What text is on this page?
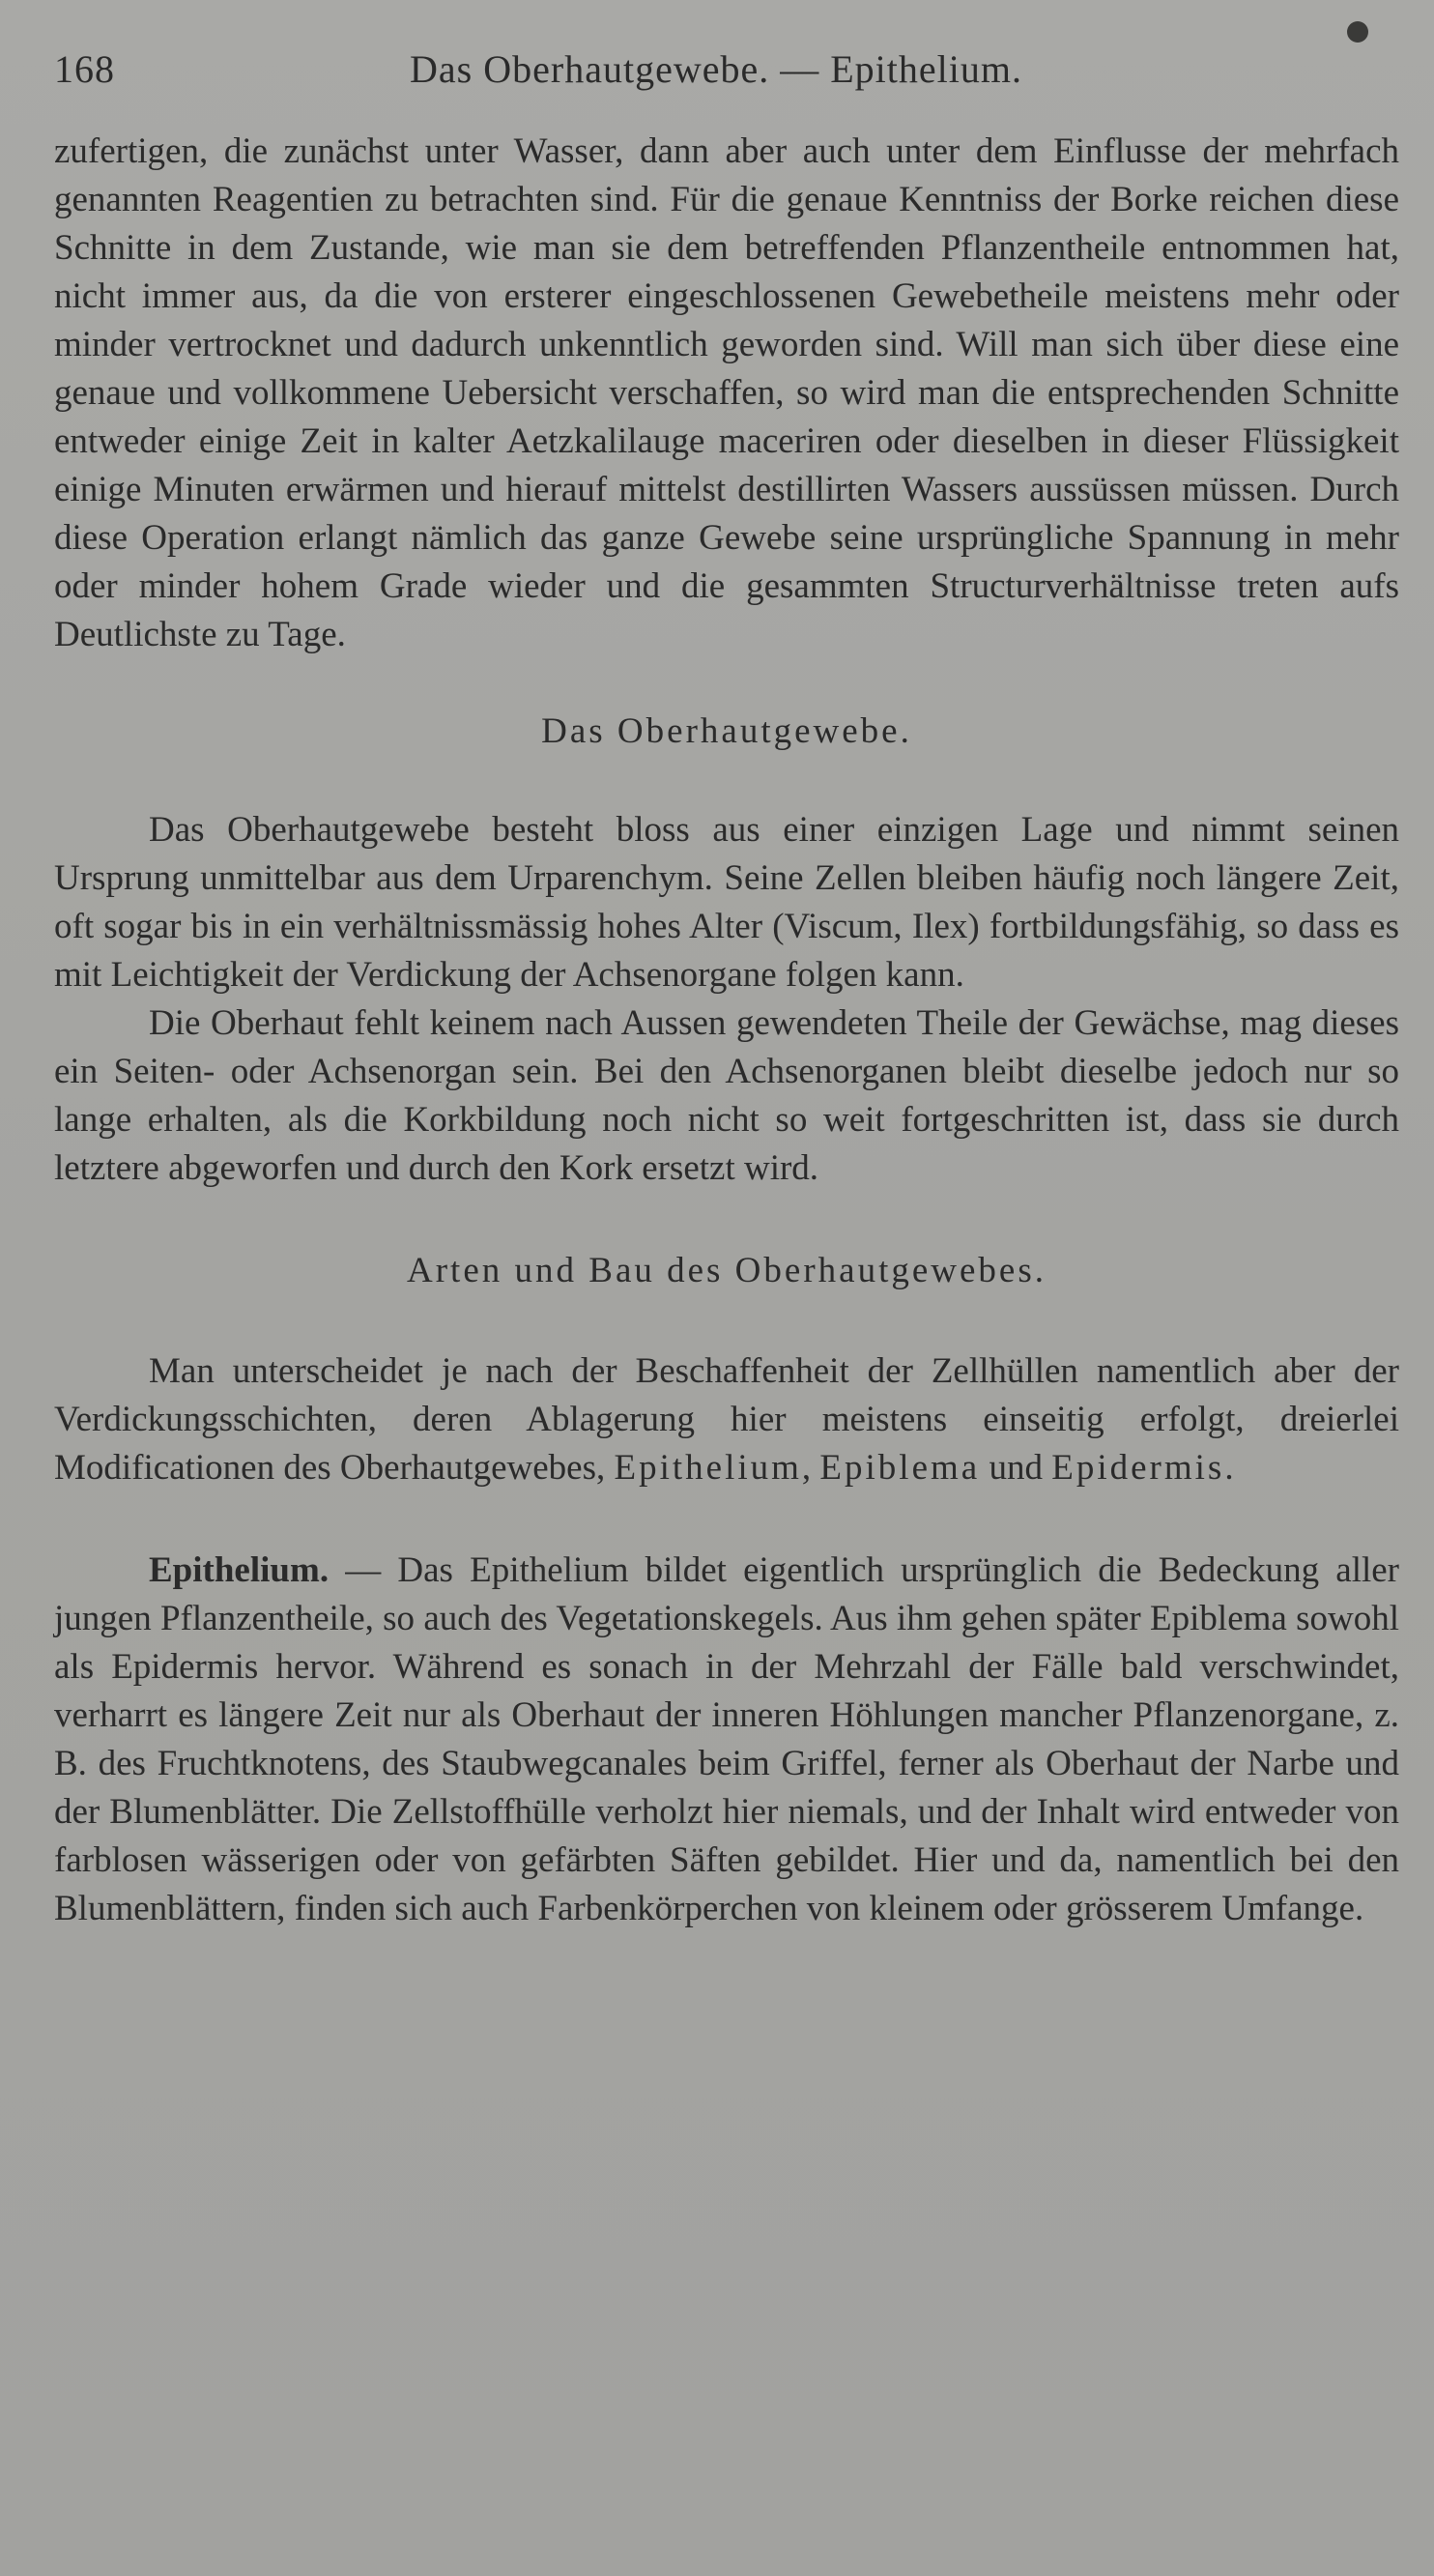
168	Das Oberhautgewebe. — Epithelium.

zufertigen, die zunächst unter Wasser, dann aber auch unter dem Einflusse der mehrfach genannten Reagentien zu betrachten sind. Für die genaue Kenntniss der Borke reichen diese Schnitte in dem Zustande, wie man sie dem betreffenden Pflanzentheile entnommen hat, nicht immer aus, da die von ersterer eingeschlossenen Gewebetheile meistens mehr oder minder vertrocknet und dadurch unkenntlich geworden sind. Will man sich über diese eine genaue und vollkommene Uebersicht verschaffen, so wird man die entsprechenden Schnitte entweder einige Zeit in kalter Aetzkalilauge maceriren oder dieselben in dieser Flüssigkeit einige Minuten erwärmen und hierauf mittelst destillirten Wassers aussüssen müssen. Durch diese Operation erlangt nämlich das ganze Gewebe seine ursprüngliche Spannung in mehr oder minder hohem Grade wieder und die gesammten Structurverhältnisse treten aufs Deutlichste zu Tage.

Das Oberhautgewebe.

Das Oberhautgewebe besteht bloss aus einer einzigen Lage und nimmt seinen Ursprung unmittelbar aus dem Urparenchym. Seine Zellen bleiben häufig noch längere Zeit, oft sogar bis in ein verhältnissmässig hohes Alter (Viscum, Ilex) fortbildungsfähig, so dass es mit Leichtigkeit der Verdickung der Achsenorgane folgen kann.

Die Oberhaut fehlt keinem nach Aussen gewendeten Theile der Gewächse, mag dieses ein Seiten- oder Achsenorgan sein. Bei den Achsenorganen bleibt dieselbe jedoch nur so lange erhalten, als die Korkbildung noch nicht so weit fortgeschritten ist, dass sie durch letztere abgeworfen und durch den Kork ersetzt wird.

Arten und Bau des Oberhautgewebes.

Man unterscheidet je nach der Beschaffenheit der Zellhüllen namentlich aber der Verdickungsschichten, deren Ablagerung hier meistens einseitig erfolgt, dreierlei Modificationen des Oberhautgewebes, Epithelium, Epiblema und Epidermis.

Epithelium. — Das Epithelium bildet eigentlich ursprünglich die Bedeckung aller jungen Pflanzentheile, so auch des Vegetationskegels. Aus ihm gehen später Epiblema sowohl als Epidermis hervor. Während es sonach in der Mehrzahl der Fälle bald verschwindet, verharrt es längere Zeit nur als Oberhaut der inneren Höhlungen mancher Pflanzenorgane, z. B. des Fruchtknotens, des Staubwegcanales beim Griffel, ferner als Oberhaut der Narbe und der Blumenblätter. Die Zellstoffhülle verholzt hier niemals, und der Inhalt wird entweder von farblosen wässerigen oder von gefärbten Säften gebildet. Hier und da, namentlich bei den Blumenblättern, finden sich auch Farbenkörperchen von kleinem oder grösserem Umfange.
